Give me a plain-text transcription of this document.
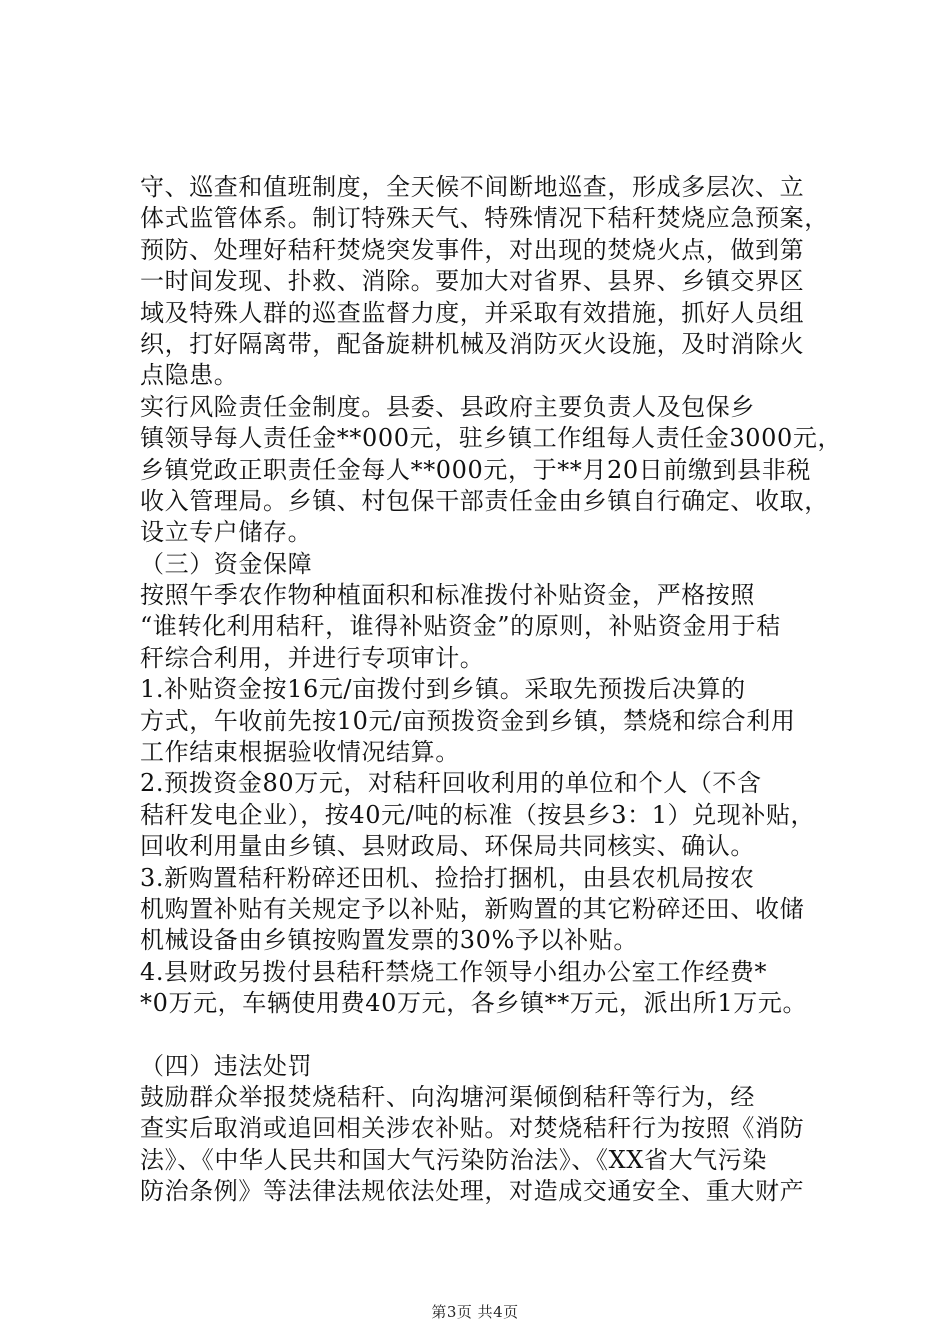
守、巡查和值班制度，全天候不间断地巡查，形成多层次、立
体式监管体系。制订特殊天气、特殊情况下秸秆焚烧应急预案，
预防、处理好秸秆焚烧突发事件，对出现的焚烧火点，做到第
一时间发现、扑救、消除。要加大对省界、县界、乡镇交界区
域及特殊人群的巡查监督力度，并采取有效措施，抓好人员组
织，打好隔离带，配备旋耕机械及消防灭火设施，及时消除火
点隐患。
实行风险责任金制度。县委、县政府主要负责人及包保乡
镇领导每人责任金**000元，驻乡镇工作组每人责任金3000元，
乡镇党政正职责任金每人**000元，于**月20日前缴到县非税
收入管理局。乡镇、村包保干部责任金由乡镇自行确定、收取，
设立专户储存。
（三）资金保障
按照午季农作物种植面积和标准拨付补贴资金，严格按照
“谁转化利用秸秆，谁得补贴资金”的原则，补贴资金用于秸
秆综合利用，并进行专项审计。
1.补贴资金按16元/亩拨付到乡镇。采取先预拨后决算的
方式，午收前先按10元/亩预拨资金到乡镇，禁烧和综合利用
工作结束根据验收情况结算。
2.预拨资金80万元，对秸秆回收利用的单位和个人（不含
秸秆发电企业），按40元/吨的标准（按县乡3：1）兑现补贴，
回收利用量由乡镇、县财政局、环保局共同核实、确认。
3.新购置秸秆粉碎还田机、捡拾打捆机，由县农机局按农
机购置补贴有关规定予以补贴，新购置的其它粉碎还田、收储
机械设备由乡镇按购置发票的30%予以补贴。
4.县财政另拨付县秸秆禁烧工作领导小组办公室工作经费*
*0万元，车辆使用费40万元，各乡镇**万元，派出所1万元。
（四）违法处罚
鼓励群众举报焚烧秸秆、向沟塘河渠倾倒秸秆等行为，经
查实后取消或追回相关涉农补贴。对焚烧秸秆行为按照《消防
法》、《中华人民共和国大气污染防治法》、《XX省大气污染
防治条例》等法律法规依法处理，对造成交通安全、重大财产
第3页 共4页
